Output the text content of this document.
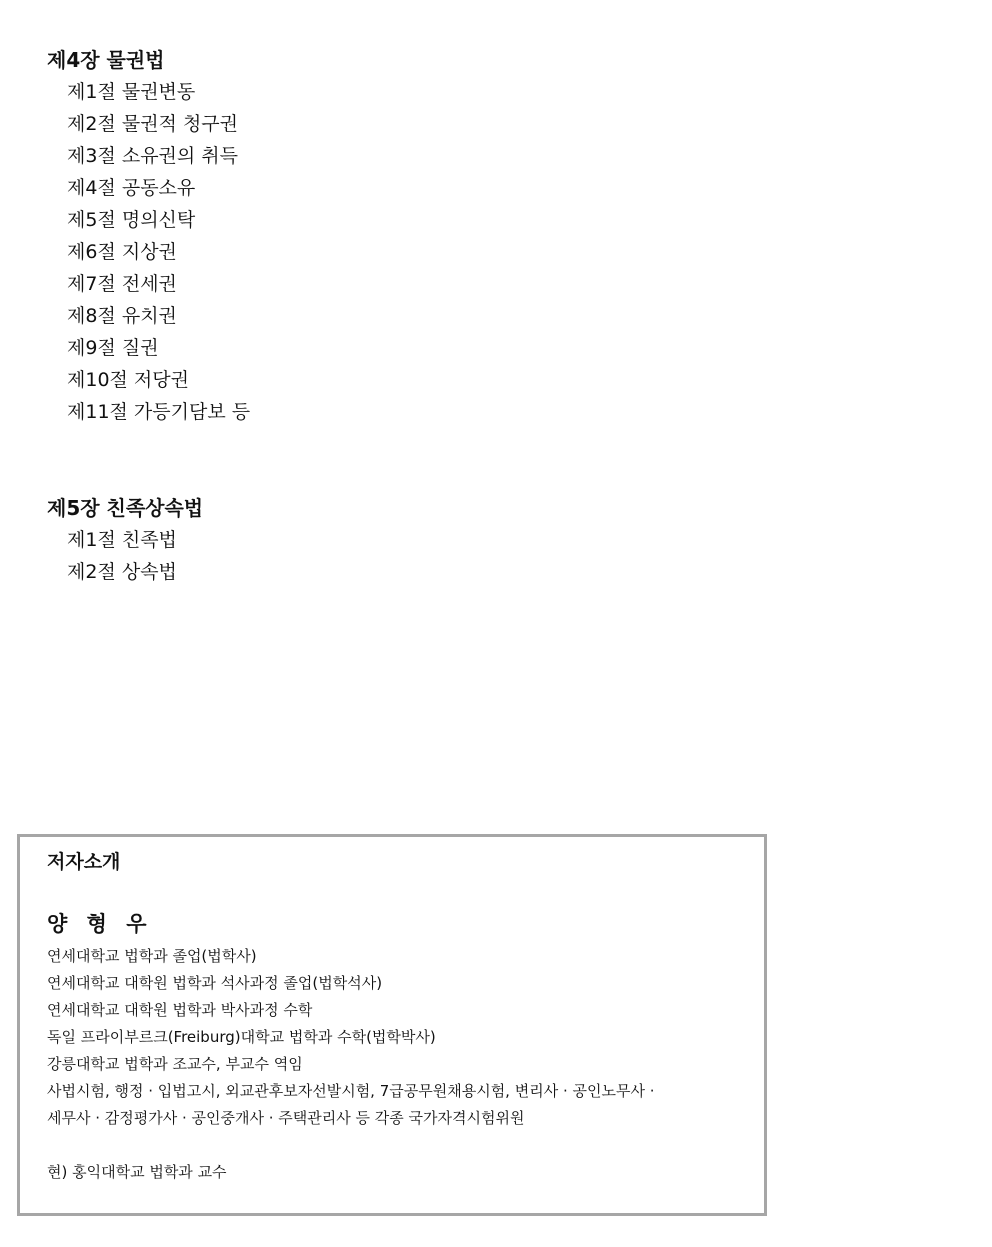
제4장 물권법
제1절 물권변동
제2절 물권적 청구권
제3절 소유권의 취득
제4절 공동소유
제5절 명의신탁
제6절 지상권
제7절 전세권
제8절 유치권
제9절 질권
제10절 저당권
제11절 가등기담보 등
제5장 친족상속법
제1절 친족법
제2절 상속법
저자소개
양 형 우
연세대학교 법학과 졸업(법학사)
연세대학교 대학원 법학과 석사과정 졸업(법학석사)
연세대학교 대학원 법학과 박사과정 수학
독일 프라이부르크(Freiburg)대학교 법학과 수학(법학박사)
강릉대학교 법학과 조교수, 부교수 역임
사법시험, 행정 · 입법고시, 외교관후보자선발시험, 7급공무원채용시험, 변리사 · 공인노무사 ·
세무사 · 감정평가사 · 공인중개사 · 주택관리사 등 각종 국가자격시험위원
현) 홍익대학교 법학과 교수
